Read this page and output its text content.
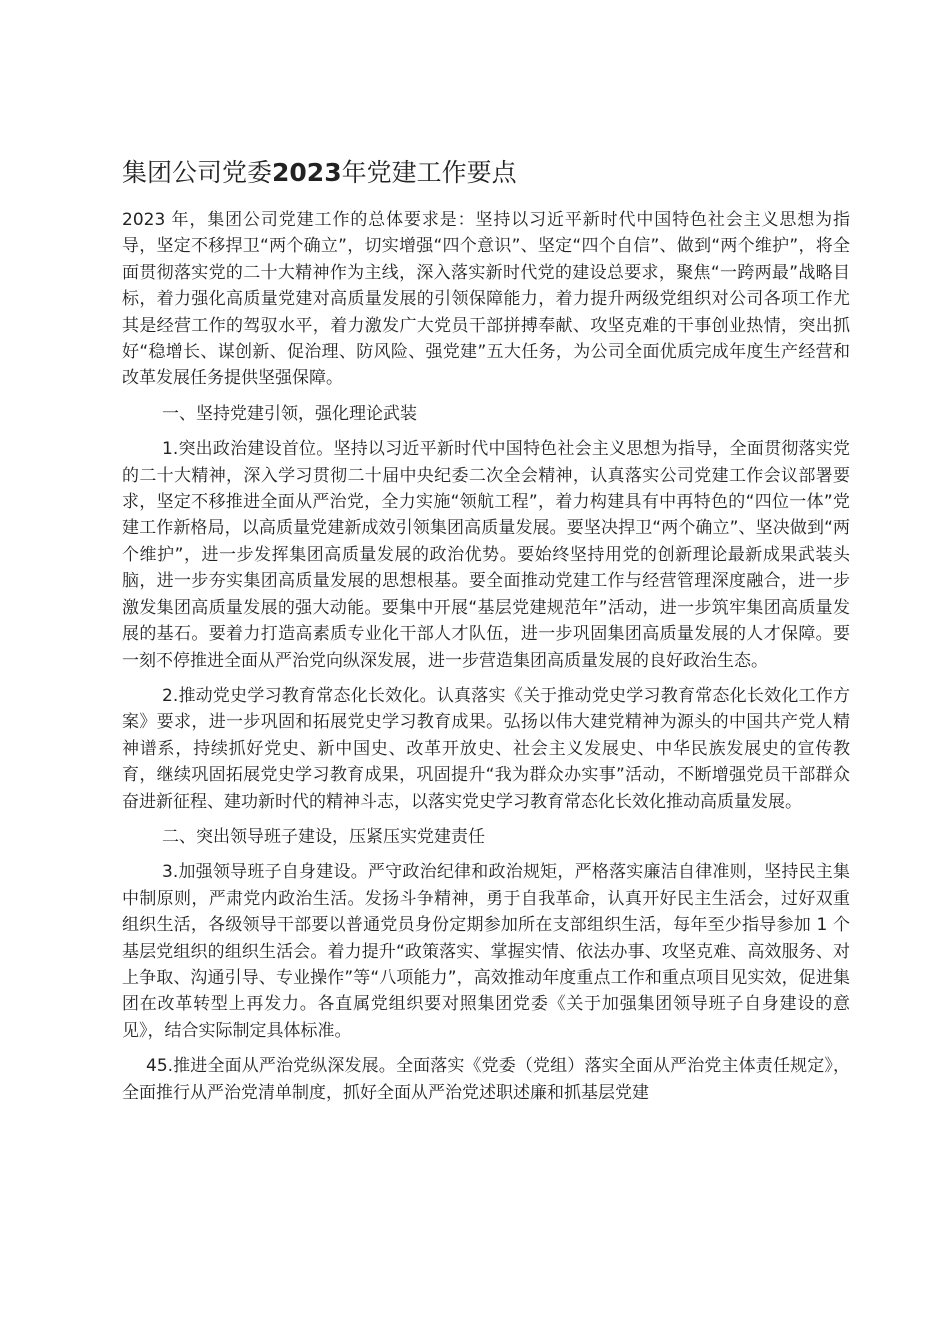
集团公司党委2023年党建工作要点

2023 年，集团公司党建工作的总体要求是：坚持以习近平新时代中国特色社会主义思想为指导，坚定不移捍卫“两个确立”，切实增强“四个意识”、坚定“四个自信”、做到“两个维护”，将全面贯彻落实党的二十大精神作为主线，深入落实新时代党的建设总要求，聚焦“一跨两最”战略目标，着力强化高质量党建对高质量发展的引领保障能力，着力提升两级党组织对公司各项工作尤其是经营工作的驾驭水平，着力激发广大党员干部拼搏奉献、攻坚克难的干事创业热情，突出抓好“稳增长、谋创新、促治理、防风险、强党建”五大任务，为公司全面优质完成年度生产经营和改革发展任务提供坚强保障。

一、坚持党建引领，强化理论武装

1.突出政治建设首位。坚持以习近平新时代中国特色社会主义思想为指导，全面贯彻落实党的二十大精神，深入学习贯彻二十届中央纪委二次全会精神，认真落实公司党建工作会议部署要求，坚定不移推进全面从严治党，全力实施“领航工程”，着力构建具有中再特色的“四位一体”党建工作新格局，以高质量党建新成效引领集团高质量发展。要坚决捍卫“两个确立”、坚决做到“两个维护”，进一步发挥集团高质量发展的政治优势。要始终坚持用党的创新理论最新成果武装头脑，进一步夯实集团高质量发展的思想根基。要全面推动党建工作与经营管理深度融合，进一步激发集团高质量发展的强大动能。要集中开展“基层党建规范年”活动，进一步筑牢集团高质量发展的基石。要着力打造高素质专业化干部人才队伍，进一步巩固集团高质量发展的人才保障。要一刻不停推进全面从严治党向纵深发展，进一步营造集团高质量发展的良好政治生态。

2.推动党史学习教育常态化长效化。认真落实《关于推动党史学习教育常态化长效化工作方案》要求，进一步巩固和拓展党史学习教育成果。弘扬以伟大建党精神为源头的中国共产党人精神谱系，持续抓好党史、新中国史、改革开放史、社会主义发展史、中华民族发展史的宣传教育，继续巩固拓展党史学习教育成果，巩固提升“我为群众办实事”活动，不断增强党员干部群众奋进新征程、建功新时代的精神斗志，以落实党史学习教育常态化长效化推动高质量发展。

二、突出领导班子建设，压紧压实党建责任

3.加强领导班子自身建设。严守政治纪律和政治规矩，严格落实廉洁自律准则，坚持民主集中制原则，严肃党内政治生活。发扬斗争精神，勇于自我革命，认真开好民主生活会，过好双重组织生活，各级领导干部要以普通党员身份定期参加所在支部组织生活，每年至少指导参加 1 个基层党组织的组织生活会。着力提升“政策落实、掌握实情、依法办事、攻坚克难、高效服务、对上争取、沟通引导、专业操作”等“八项能力”，高效推动年度重点工作和重点项目见实效，促进集团在改革转型上再发力。各直属党组织要对照集团党委《关于加强集团领导班子自身建设的意见》，结合实际制定具体标准。

45.推进全面从严治党纵深发展。全面落实《党委（党组）落实全面从严治党主体责任规定》，全面推行从严治党清单制度，抓好全面从严治党述职述廉和抓基层党建
